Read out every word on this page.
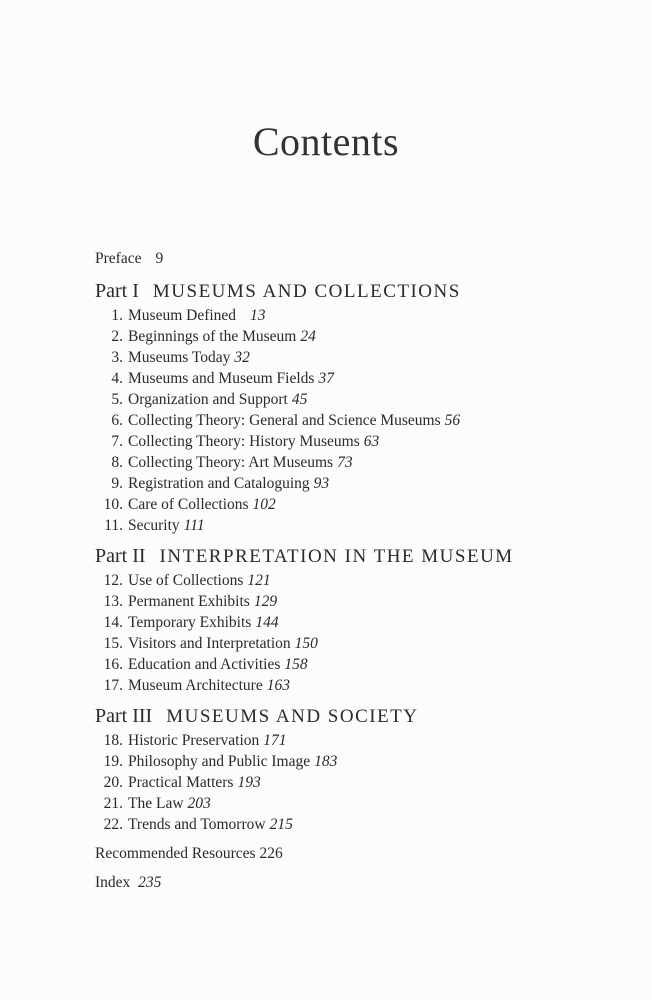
Contents
Preface 9
Part I MUSEUMS AND COLLECTIONS
1. Museum Defined 13
2. Beginnings of the Museum 24
3. Museums Today 32
4. Museums and Museum Fields 37
5. Organization and Support 45
6. Collecting Theory: General and Science Museums 56
7. Collecting Theory: History Museums 63
8. Collecting Theory: Art Museums 73
9. Registration and Cataloguing 93
10. Care of Collections 102
11. Security 111
Part II INTERPRETATION IN THE MUSEUM
12. Use of Collections 121
13. Permanent Exhibits 129
14. Temporary Exhibits 144
15. Visitors and Interpretation 150
16. Education and Activities 158
17. Museum Architecture 163
Part III MUSEUMS AND SOCIETY
18. Historic Preservation 171
19. Philosophy and Public Image 183
20. Practical Matters 193
21. The Law 203
22. Trends and Tomorrow 215
Recommended Resources 226
Index 235
